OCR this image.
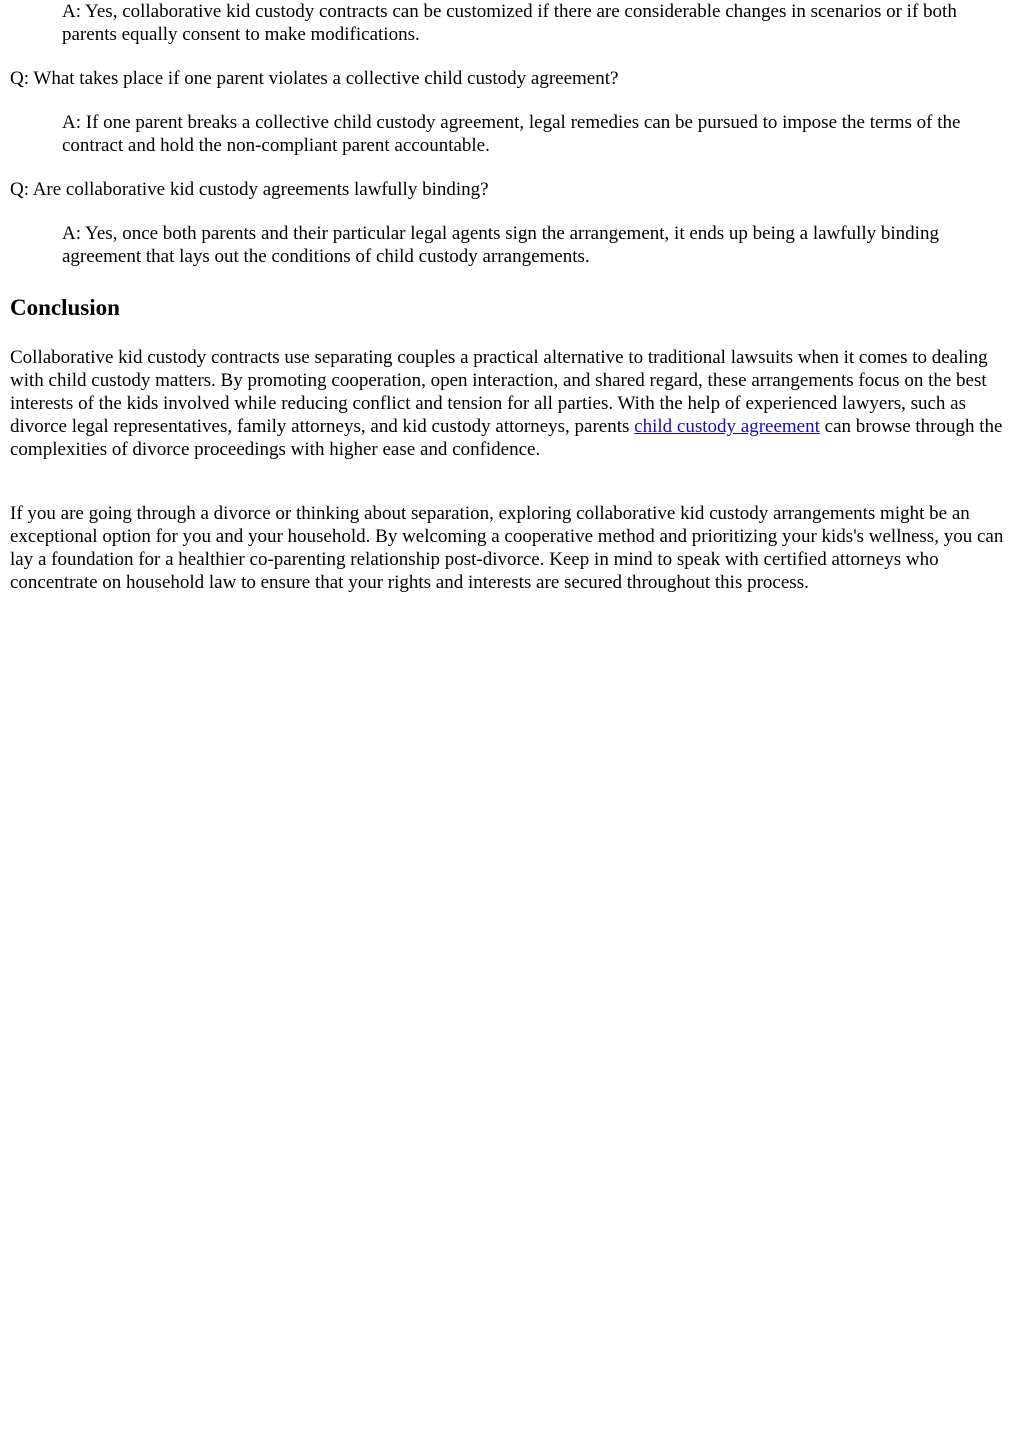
A: Yes, collaborative kid custody contracts can be customized if there are considerable changes in scenarios or if both parents equally consent to make modifications.

Q: What takes place if one parent violates a collective child custody agreement?

A: If one parent breaks a collective child custody agreement, legal remedies can be pursued to impose the terms of the contract and hold the non-compliant parent accountable.

Q: Are collaborative kid custody agreements lawfully binding?

A: Yes, once both parents and their particular legal agents sign the arrangement, it ends up being a lawfully binding agreement that lays out the conditions of child custody arrangements.

Conclusion

Collaborative kid custody contracts use separating couples a practical alternative to traditional lawsuits when it comes to dealing with child custody matters. By promoting cooperation, open interaction, and shared regard, these arrangements focus on the best interests of the kids involved while reducing conflict and tension for all parties. With the help of experienced lawyers, such as divorce legal representatives, family attorneys, and kid custody attorneys, parents child custody agreement can browse through the complexities of divorce proceedings with higher ease and confidence.

If you are going through a divorce or thinking about separation, exploring collaborative kid custody arrangements might be an exceptional option for you and your household. By welcoming a cooperative method and prioritizing your kids's wellness, you can lay a foundation for a healthier co-parenting relationship post-divorce. Keep in mind to speak with certified attorneys who concentrate on household law to ensure that your rights and interests are secured throughout this process.
